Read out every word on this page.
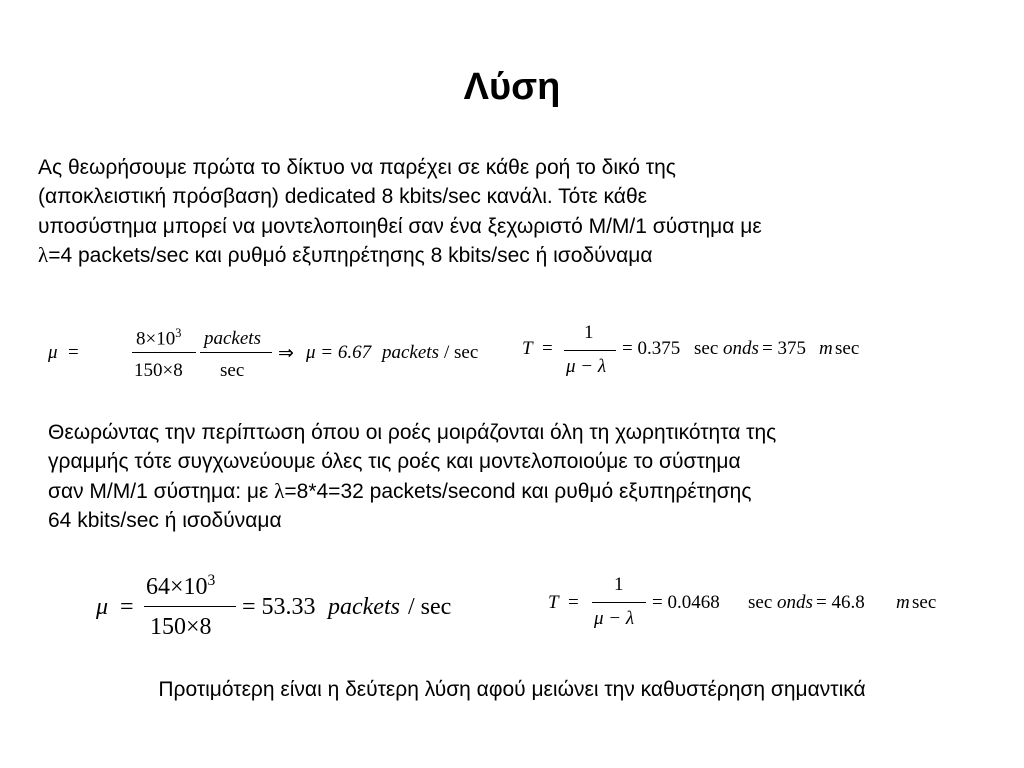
Λύση
Ας θεωρήσουμε πρώτα το δίκτυο να παρέχει σε κάθε ροή το δικό της
(αποκλειστική πρόσβαση) dedicated 8 kbits/sec κανάλι. Τότε κάθε
υποσύστημα μπορεί να μοντελοποιηθεί σαν ένα ξεχωριστό M/M/1 σύστημα με
λ=4 packets/sec και ρυθμό εξυπηρέτησης 8 kbits/sec ή ισοδύναμα
μ =
$8\times 10^3$
150×8
packets
sec
⇒ μ = 6.67 packets / sec T =
1
μ − λ
= 0.375 sec onds = 375 m sec
Θεωρώντας την περίπτωση όπου οι ροές μοιράζονται όλη τη χωρητικότητα της
γραμμής τότε συγχωνεύουμε όλες τις ροές και μοντελοποιούμε το σύστημα
σαν M/M/1 σύστημα: με λ=8*4=32 packets/second και ρυθμό εξυπηρέτησης
64 kbits/sec ή ισοδύναμα
μ =
$64\times 10^3$
150×8
= 53.33 packets / sec	T =
1
μ − λ
= 0.0468 sec onds = 46.8 m sec
Προτιμότερη είναι η δεύτερη λύση αφού μειώνει την καθυστέρηση σημαντικά
